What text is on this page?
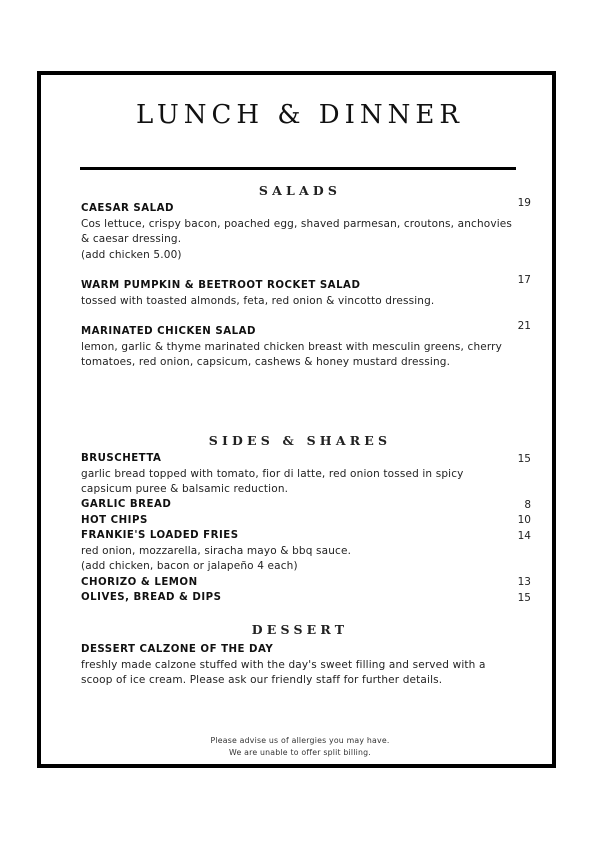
LUNCH & DINNER
SALADS
CAESAR SALAD
Cos lettuce, crispy bacon, poached egg, shaved parmesan, croutons, anchovies
& caesar dressing.
(add chicken 5.00)
19
WARM PUMPKIN & BEETROOT ROCKET SALAD
tossed with toasted almonds, feta, red onion & vincotto dressing.
17
MARINATED CHICKEN SALAD
lemon, garlic & thyme marinated chicken breast with mesculin greens, cherry
tomatoes, red onion, capsicum, cashews & honey mustard dressing.
21
SIDES & SHARES
BRUSCHETTA
garlic bread topped with tomato, fior di latte, red onion tossed in spicy
capsicum puree & balsamic reduction.
15
GARLIC BREAD	8
HOT CHIPS	10
FRANKIE'S LOADED FRIES
red onion, mozzarella, siracha mayo & bbq sauce.
(add chicken, bacon or jalapeño 4 each)
14
CHORIZO & LEMON	13
OLIVES, BREAD & DIPS	15
DESSERT
DESSERT CALZONE OF THE DAY
freshly made calzone stuffed with the day's sweet filling and served with a
scoop of ice cream. Please ask our friendly staff for further details.
Please advise us of allergies you may have.
We are unable to offer split billing.
